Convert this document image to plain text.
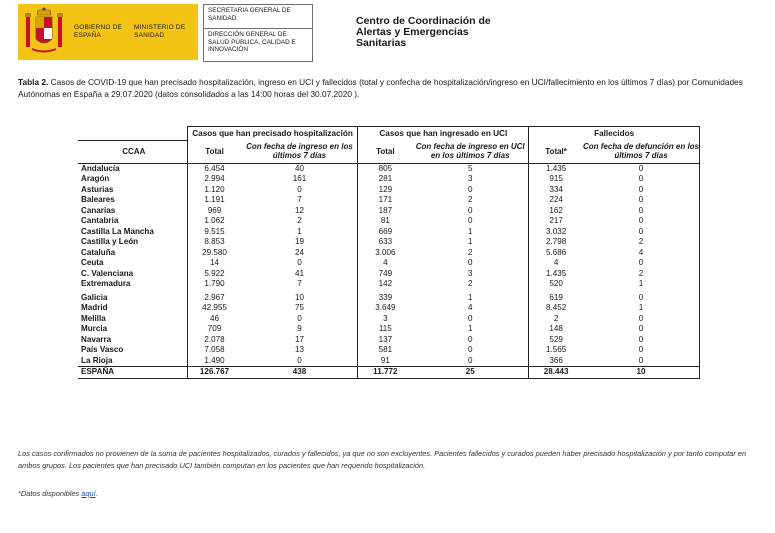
GOBIERNO DE ESPAÑA
MINISTERIO DE SANIDAD
SECRETARIA GENERAL DE SANIDAD
DIRECCIÓN GENERAL DE SALUD PÚBLICA, CALIDAD E INNOVACIÓN
Centro de Coordinación de Alertas y Emergencias Sanitarias
Tabla 2. Casos de COVID-19 que han precisado hospitalización, ingreso en UCI y fallecidos (total y confecha de hospitalización/ingreso en UCI/fallecimiento en los últimos 7 días) por Comunidades Autónomas en España a 29.07.2020 (datos consolidados a las 14:00 horas del 30.07.2020 ).
	Casos que han precisado hospitalización		Casos que han ingresado en UCI		Fallecidos	
CCAA	Total	Con fecha de ingreso en los últimos 7 días	Total	Con fecha de ingreso en UCI en los últimos 7 días	Total*	Con fecha de defunción en los últimos 7 días
Andalucía	6.454	40	805	5	1.435	0
Aragón	2.994	161	281	3	915	0
Asturias	1.120	0	129	0	334	0
Baleares	1.191	7	171	2	224	0
Canarias	969	12	187	0	162	0
Cantabria	1.062	2	81	0	217	0
Castilla La Mancha	9.515	1	669	1	3.032	0
Castilla y León	8.853	19	633	1	2.798	2
Cataluña	29.580	24	3.006	2	5.686	4
Ceuta	14	0	4	0	4	0
C. Valenciana	5.922	41	749	3	1.435	2
Extremadura	1.790	7	142	2	520	1
Galicia	2.967	10	339	1	619	0
Madrid	42.955	75	3.649	4	8.452	1
Melilla	46	0	3	0	2	0
Murcia	709	9	115	1	148	0
Navarra	2.078	17	137	0	529	0
País Vasco	7.058	13	581	0	1.565	0
La Rioja	1.490	0	91	0	366	0
ESPAÑA	126.767	438	11.772	25	28.443	10
Los casos confirmados no provienen de la suma de pacientes hospitalizados, curados y fallecidos, ya que no son excluyentes. Pacientes fallecidos y curados pueden haber precisado hospitalización y por tanto computar en ambos grupos. Los pacientes que han precisado UCI también computan en los pacientes que han requerido hospitalización.
*Datos disponibles aquí.
